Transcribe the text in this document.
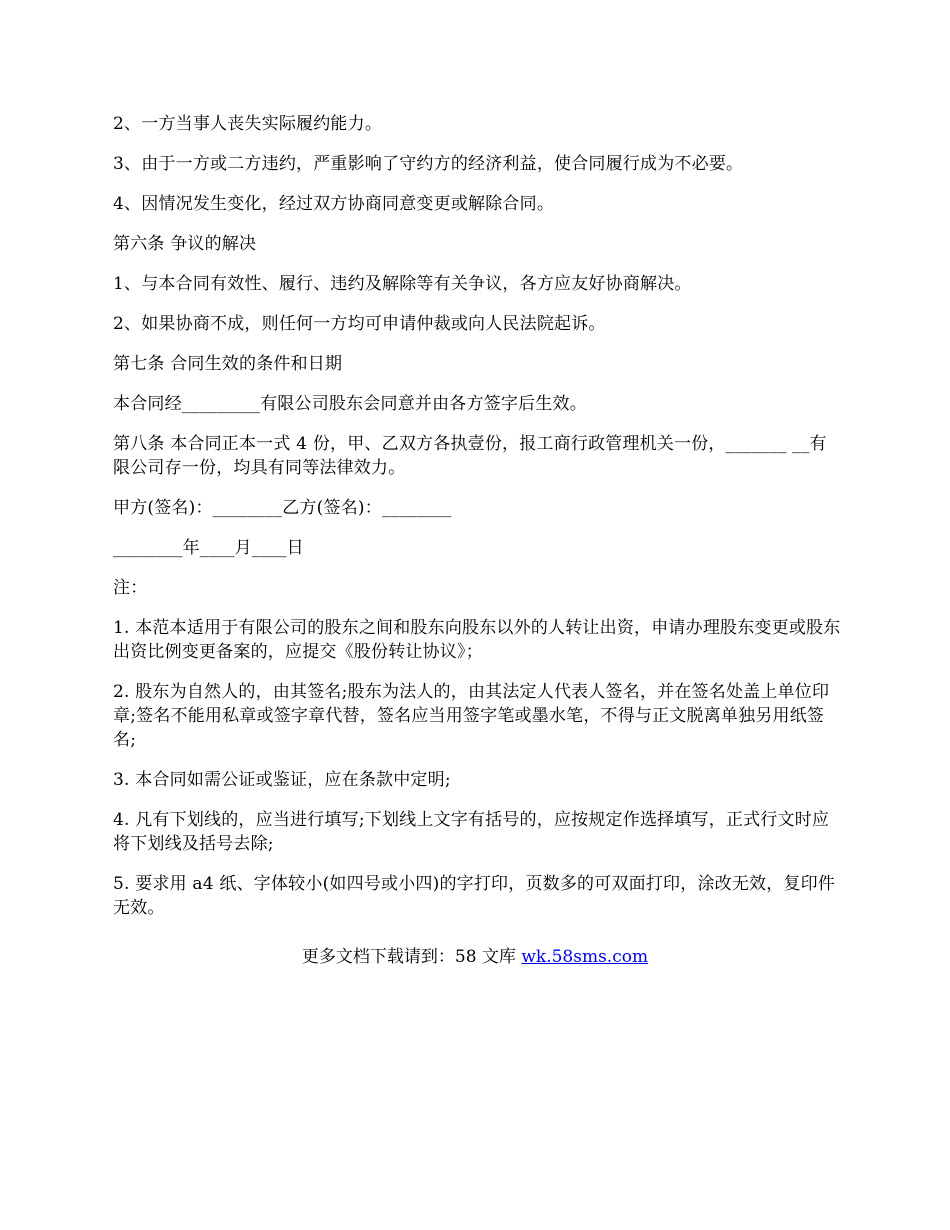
2、一方当事人丧失实际履约能力。

3、由于一方或二方违约，严重影响了守约方的经济利益，使合同履行成为不必要。

4、因情况发生变化，经过双方协商同意变更或解除合同。

第六条 争议的解决

1、与本合同有效性、履行、违约及解除等有关争议，各方应友好协商解决。

2、如果协商不成，则任何一方均可申请仲裁或向人民法院起诉。

第七条 合同生效的条件和日期

本合同经_________有限公司股东会同意并由各方签字后生效。

第八条 本合同正本一式 4 份，甲、乙双方各执壹份，报工商行政管理机关一份，_______ __有限公司存一份，均具有同等法律效力。

甲方(签名)：________乙方(签名)：________

________年____月____日

注：

1. 本范本适用于有限公司的股东之间和股东向股东以外的人转让出资，申请办理股东变更或股东出资比例变更备案的，应提交《股份转让协议》；

2. 股东为自然人的，由其签名;股东为法人的，由其法定人代表人签名，并在签名处盖上单位印章;签名不能用私章或签字章代替，签名应当用签字笔或墨水笔，不得与正文脱离单独另用纸签名;

3. 本合同如需公证或鉴证，应在条款中定明;

4. 凡有下划线的，应当进行填写;下划线上文字有括号的，应按规定作选择填写，正式行文时应将下划线及括号去除;

5. 要求用 a4 纸、字体较小(如四号或小四)的字打印，页数多的可双面打印，涂改无效，复印件无效。

更多文档下载请到：58 文库 wk.58sms.com
